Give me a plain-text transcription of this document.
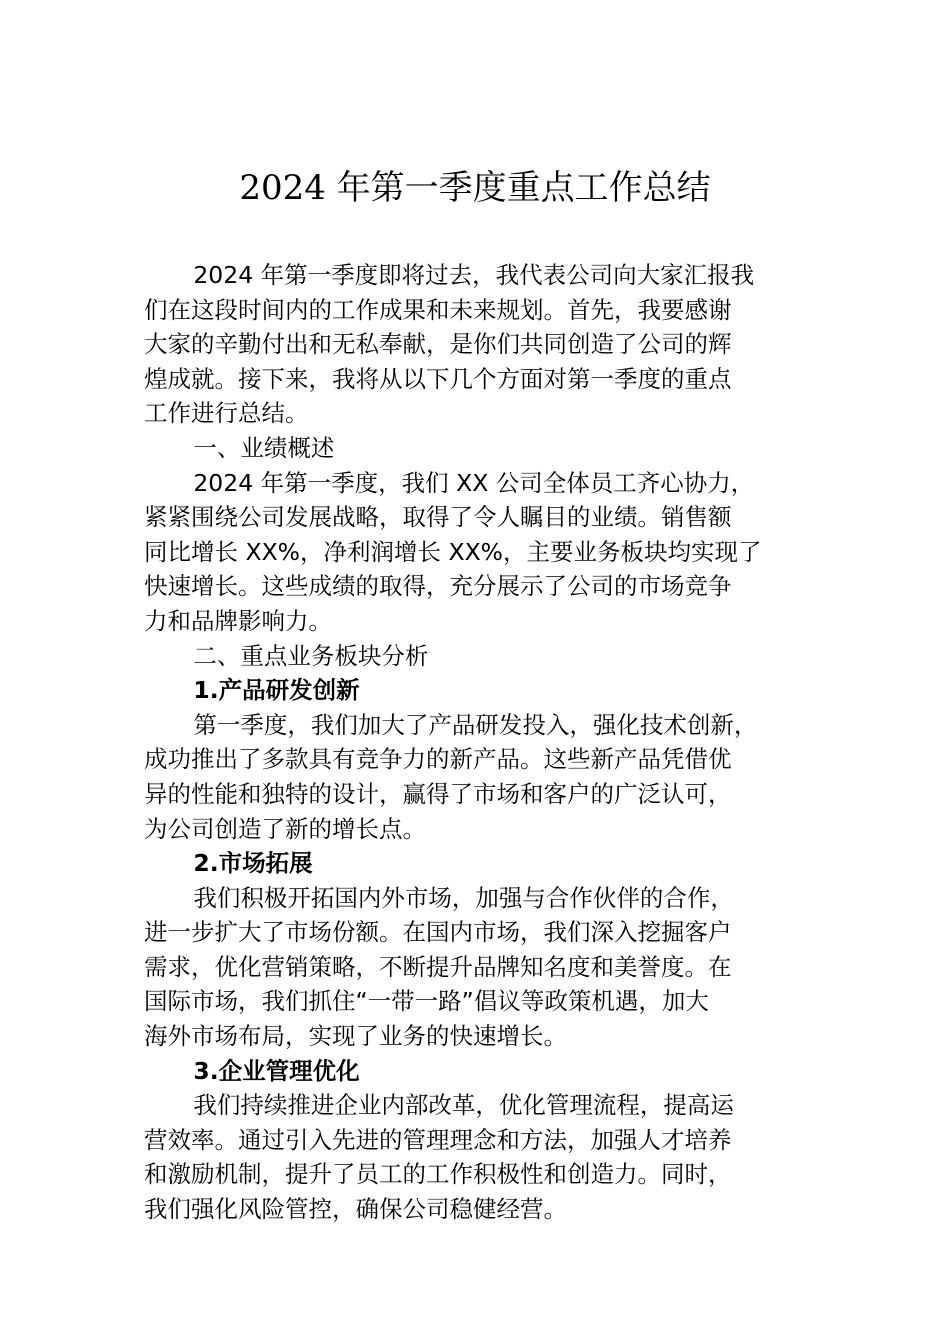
2024 年第一季度重点工作总结

2024 年第一季度即将过去，我代表公司向大家汇报我
们在这段时间内的工作成果和未来规划。首先，我要感谢
大家的辛勤付出和无私奉献，是你们共同创造了公司的辉
煌成就。接下来，我将从以下几个方面对第一季度的重点
工作进行总结。

一、业绩概述

2024 年第一季度，我们 XX 公司全体员工齐心协力，
紧紧围绕公司发展战略，取得了令人瞩目的业绩。销售额
同比增长 XX%，净利润增长 XX%，主要业务板块均实现了
快速增长。这些成绩的取得，充分展示了公司的市场竞争
力和品牌影响力。

二、重点业务板块分析

1.产品研发创新

第一季度，我们加大了产品研发投入，强化技术创新，
成功推出了多款具有竞争力的新产品。这些新产品凭借优
异的性能和独特的设计，赢得了市场和客户的广泛认可，
为公司创造了新的增长点。

2.市场拓展

我们积极开拓国内外市场，加强与合作伙伴的合作，
进一步扩大了市场份额。在国内市场，我们深入挖掘客户
需求，优化营销策略，不断提升品牌知名度和美誉度。在
国际市场，我们抓住“一带一路”倡议等政策机遇，加大
海外市场布局，实现了业务的快速增长。

3.企业管理优化

我们持续推进企业内部改革，优化管理流程，提高运
营效率。通过引入先进的管理理念和方法，加强人才培养
和激励机制，提升了员工的工作积极性和创造力。同时，
我们强化风险管控，确保公司稳健经营。
